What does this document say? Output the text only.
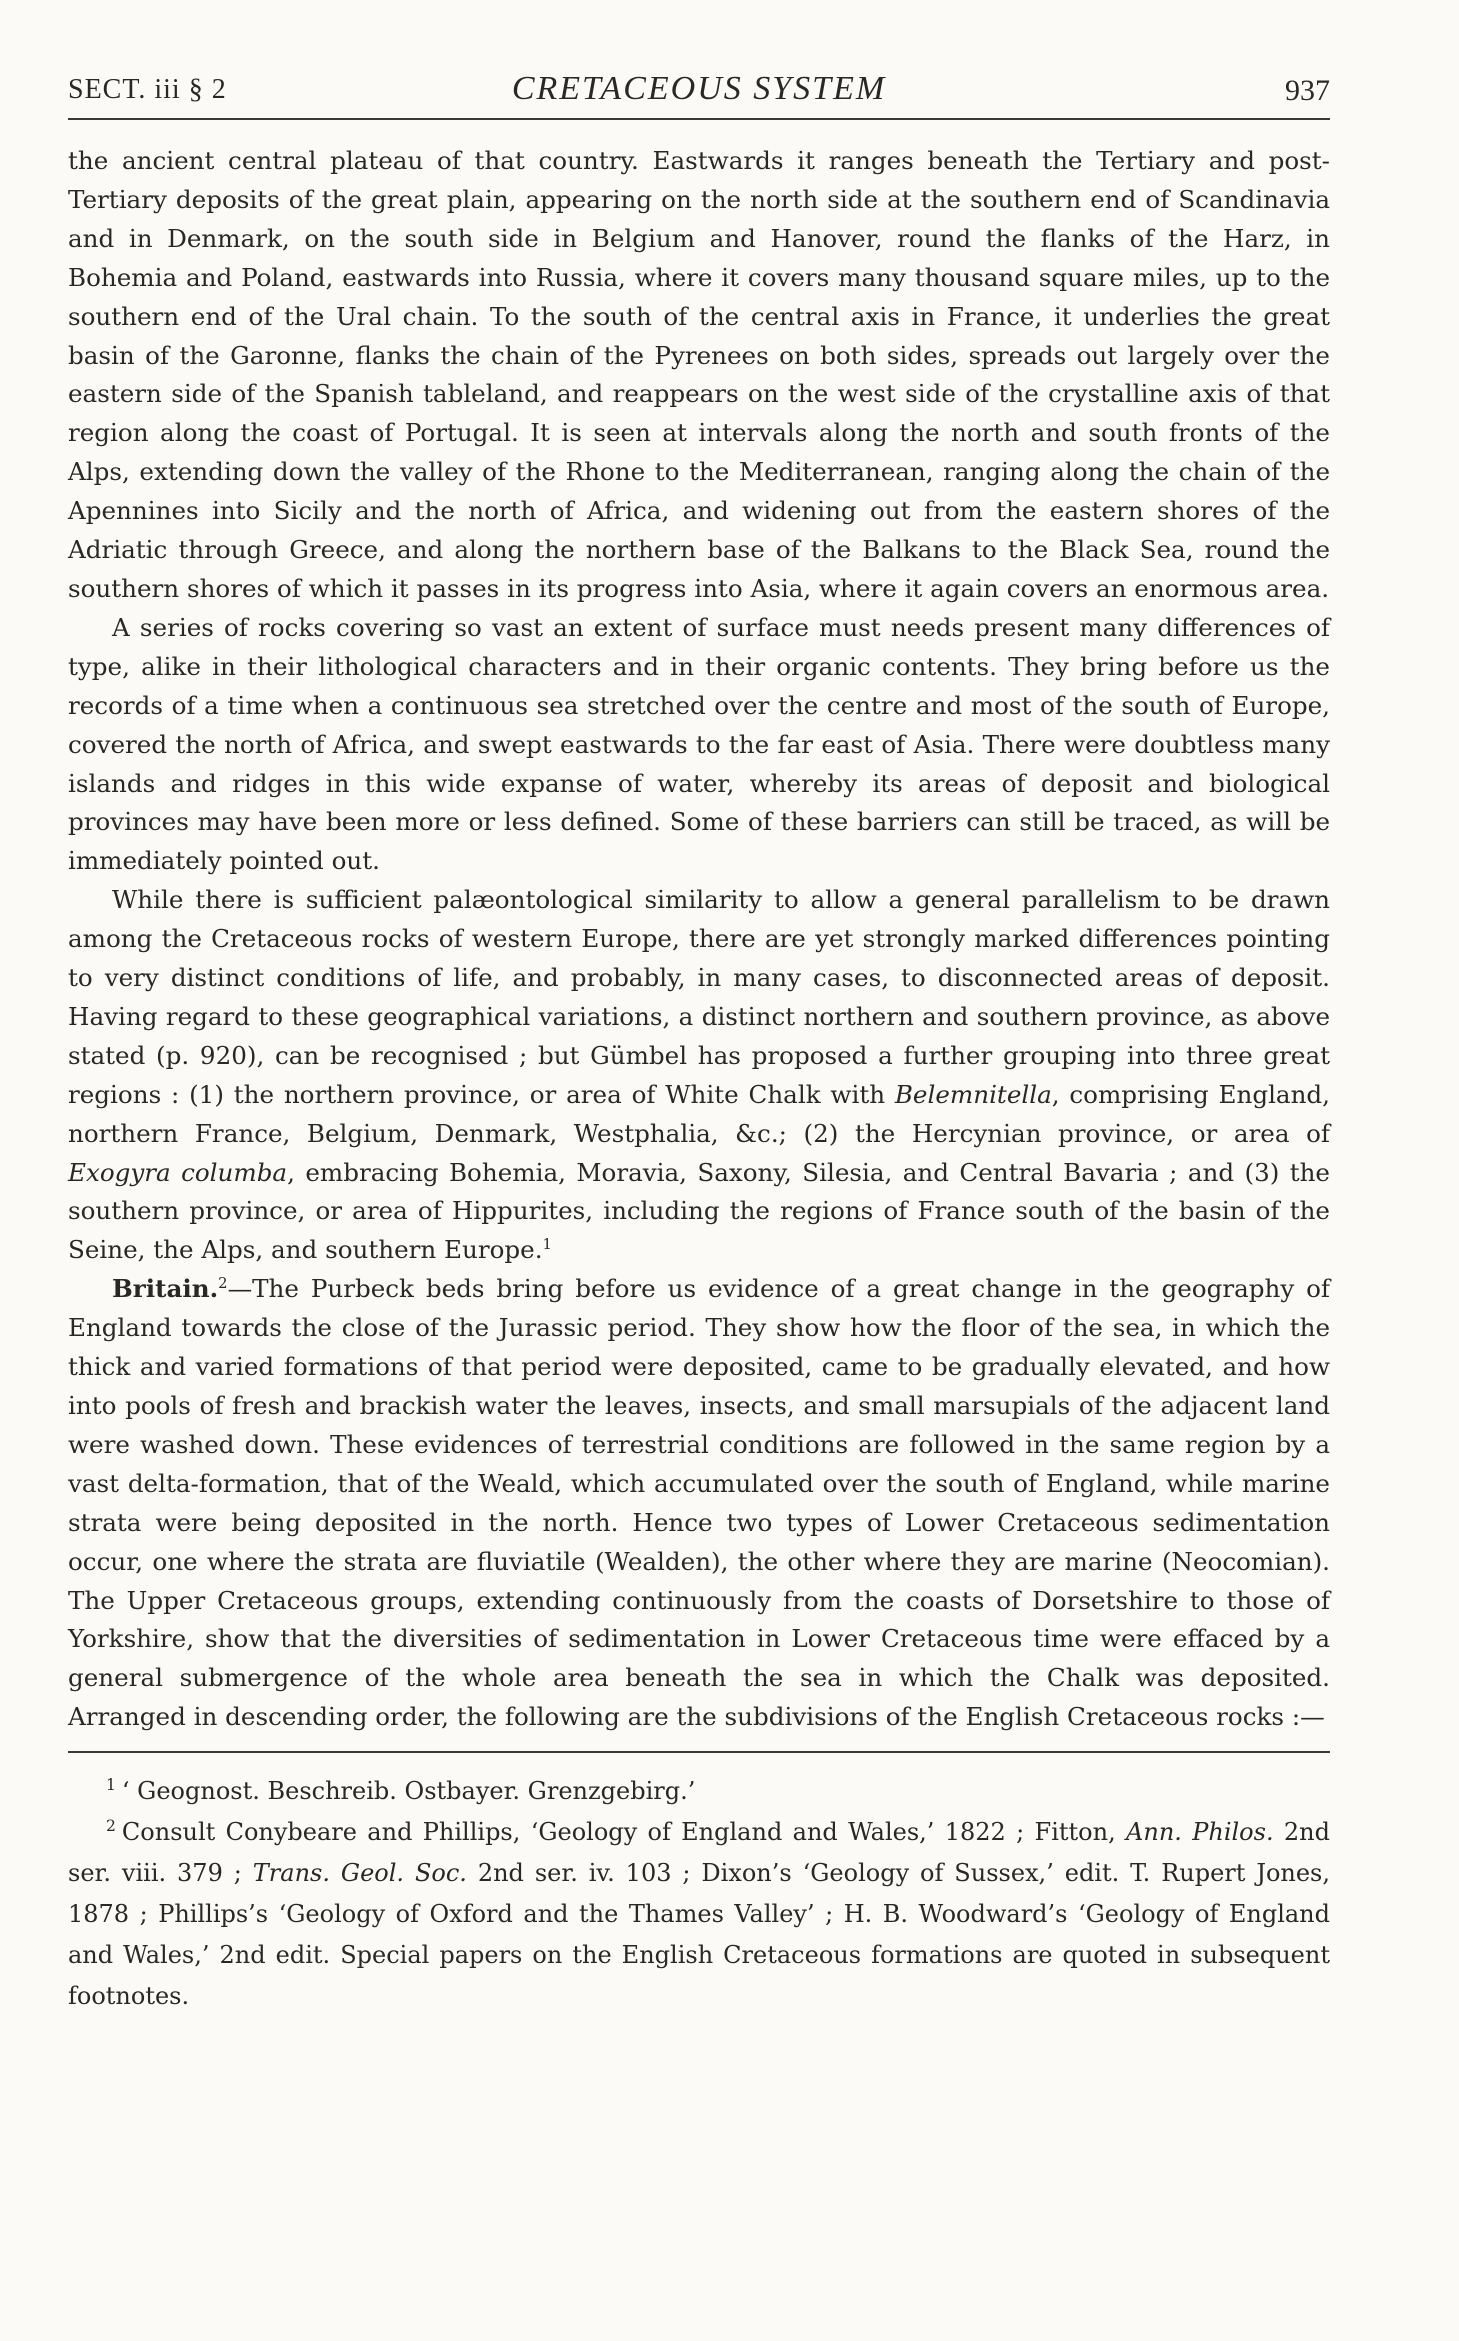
SECT. iii § 2	CRETACEOUS SYSTEM	937

the ancient central plateau of that country. Eastwards it ranges beneath the Tertiary and post-Tertiary deposits of the great plain, appearing on the north side at the southern end of Scandinavia and in Denmark, on the south side in Belgium and Hanover, round the flanks of the Harz, in Bohemia and Poland, eastwards into Russia, where it covers many thousand square miles, up to the southern end of the Ural chain. To the south of the central axis in France, it underlies the great basin of the Garonne, flanks the chain of the Pyrenees on both sides, spreads out largely over the eastern side of the Spanish tableland, and reappears on the west side of the crystalline axis of that region along the coast of Portugal. It is seen at intervals along the north and south fronts of the Alps, extending down the valley of the Rhone to the Mediterranean, ranging along the chain of the Apennines into Sicily and the north of Africa, and widening out from the eastern shores of the Adriatic through Greece, and along the northern base of the Balkans to the Black Sea, round the southern shores of which it passes in its progress into Asia, where it again covers an enormous area.

A series of rocks covering so vast an extent of surface must needs present many differences of type, alike in their lithological characters and in their organic contents. They bring before us the records of a time when a continuous sea stretched over the centre and most of the south of Europe, covered the north of Africa, and swept eastwards to the far east of Asia. There were doubtless many islands and ridges in this wide expanse of water, whereby its areas of deposit and biological provinces may have been more or less defined. Some of these barriers can still be traced, as will be immediately pointed out.

While there is sufficient palæontological similarity to allow a general parallelism to be drawn among the Cretaceous rocks of western Europe, there are yet strongly marked differences pointing to very distinct conditions of life, and probably, in many cases, to disconnected areas of deposit. Having regard to these geographical variations, a distinct northern and southern province, as above stated (p. 920), can be recognised ; but Gümbel has proposed a further grouping into three great regions : (1) the northern province, or area of White Chalk with Belemnitella, comprising England, northern France, Belgium, Denmark, Westphalia, &c.; (2) the Hercynian province, or area of Exogyra columba, embracing Bohemia, Moravia, Saxony, Silesia, and Central Bavaria ; and (3) the southern province, or area of Hippurites, including the regions of France south of the basin of the Seine, the Alps, and southern Europe.$^1$

Britain.$^2$—The Purbeck beds bring before us evidence of a great change in the geography of England towards the close of the Jurassic period. They show how the floor of the sea, in which the thick and varied formations of that period were deposited, came to be gradually elevated, and how into pools of fresh and brackish water the leaves, insects, and small marsupials of the adjacent land were washed down. These evidences of terrestrial conditions are followed in the same region by a vast delta-formation, that of the Weald, which accumulated over the south of England, while marine strata were being deposited in the north. Hence two types of Lower Cretaceous sedimentation occur, one where the strata are fluviatile (Wealden), the other where they are marine (Neocomian). The Upper Cretaceous groups, extending continuously from the coasts of Dorsetshire to those of Yorkshire, show that the diversities of sedimentation in Lower Cretaceous time were effaced by a general submergence of the whole area beneath the sea in which the Chalk was deposited. Arranged in descending order, the following are the subdivisions of the English Cretaceous rocks :—

$^1$ ‘ Geognost. Beschreib. Ostbayer. Grenzgebirg.’

$^2$ Consult Conybeare and Phillips, ‘Geology of England and Wales,’ 1822 ; Fitton, Ann. Philos. 2nd ser. viii. 379 ; Trans. Geol. Soc. 2nd ser. iv. 103 ; Dixon’s ‘Geology of Sussex,’ edit. T. Rupert Jones, 1878 ; Phillips’s ‘Geology of Oxford and the Thames Valley’ ; H. B. Woodward’s ‘Geology of England and Wales,’ 2nd edit. Special papers on the English Cretaceous formations are quoted in subsequent footnotes.
